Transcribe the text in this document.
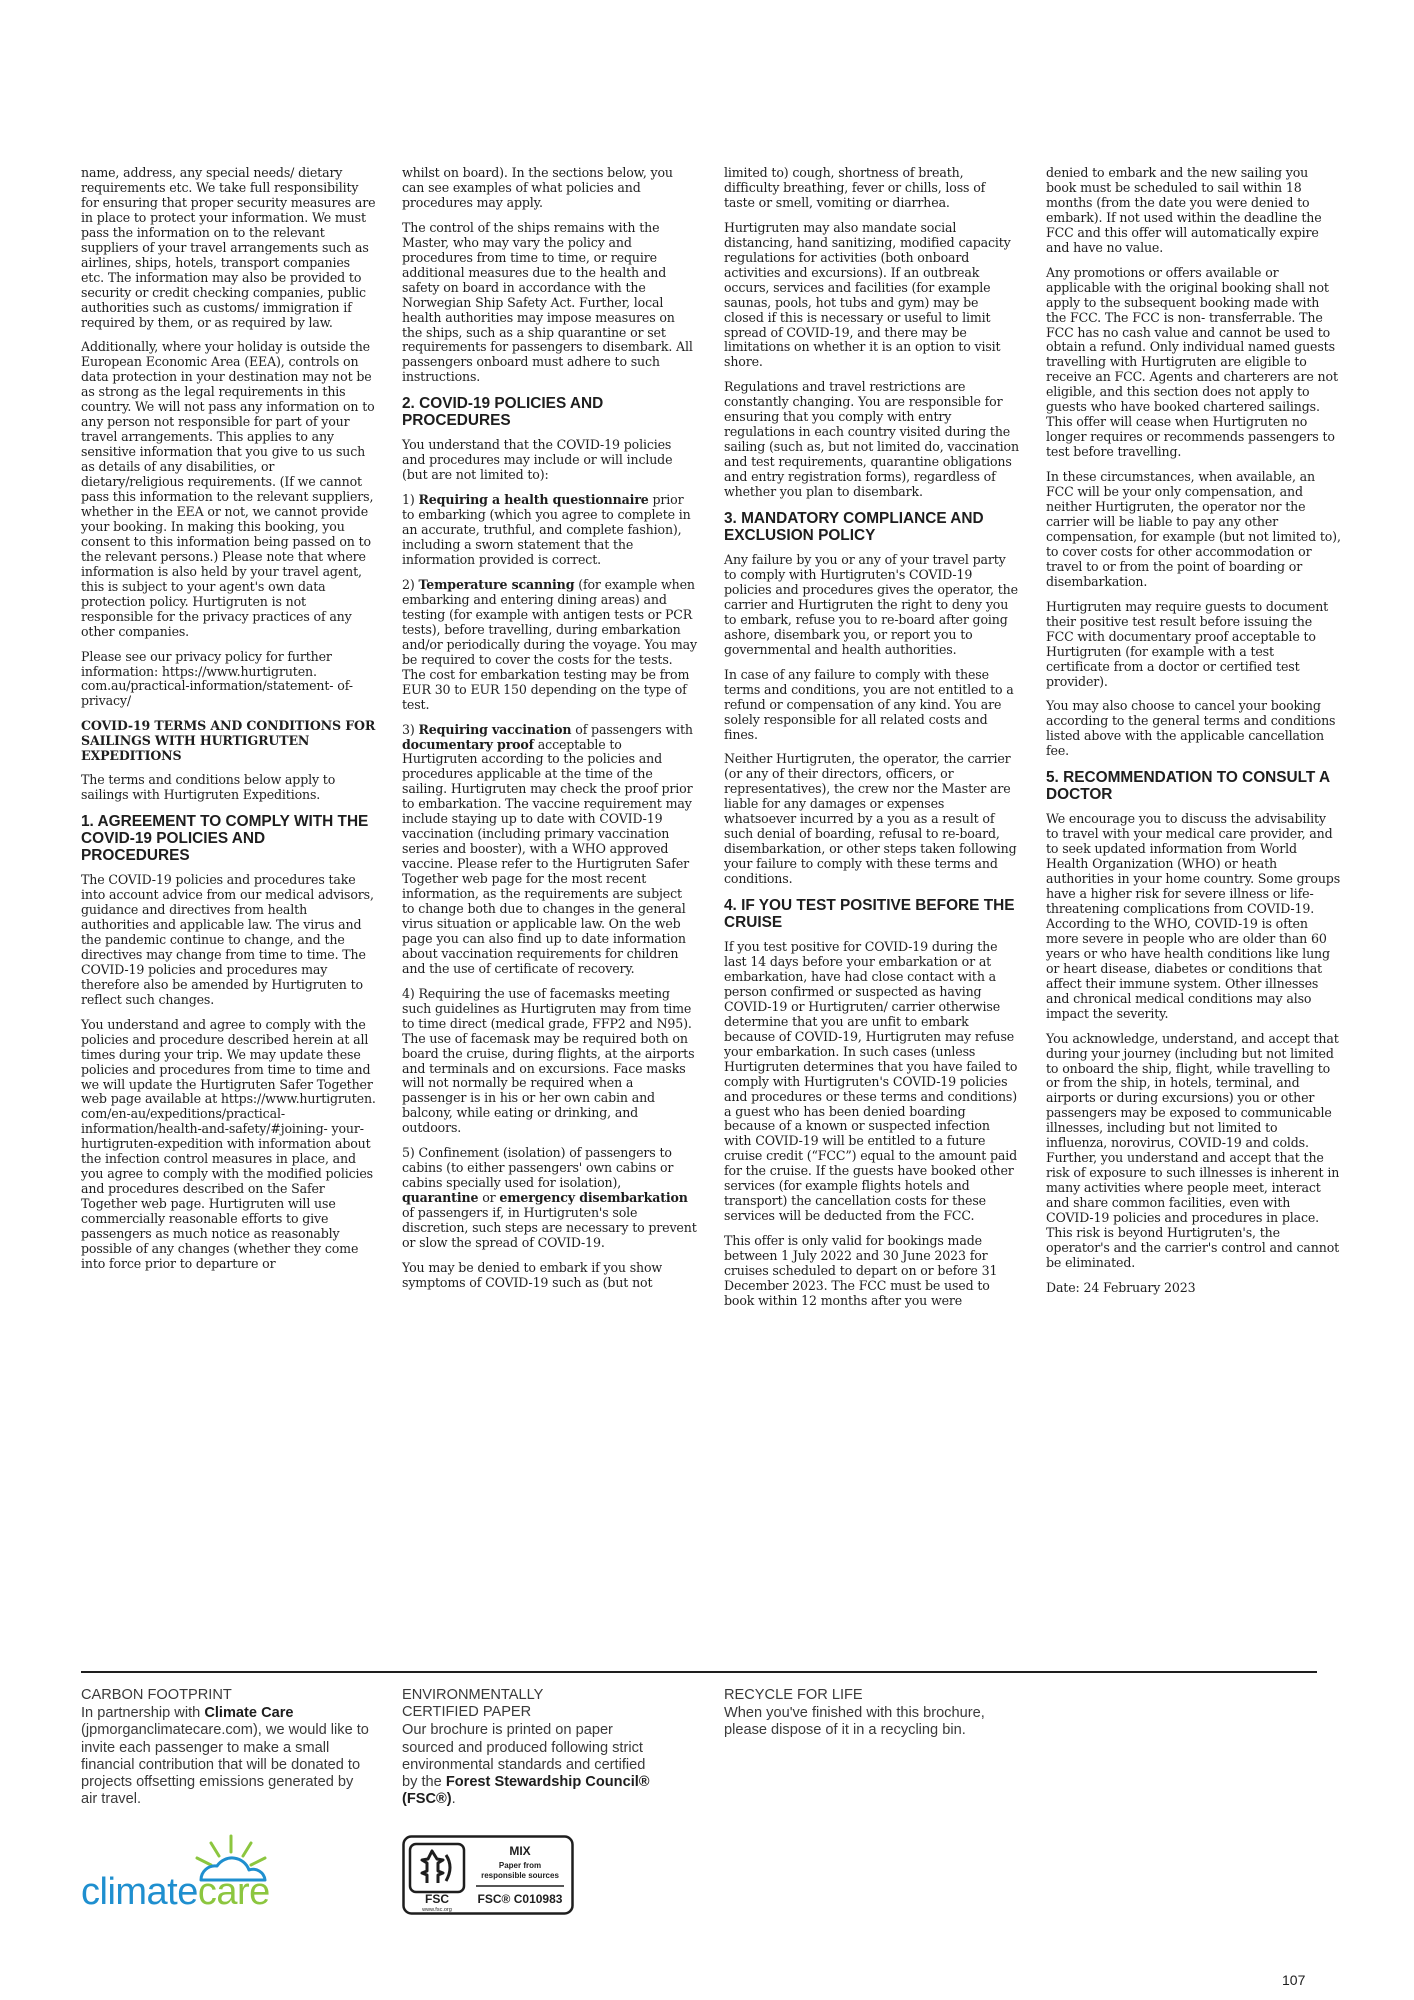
name, address, any special needs/ dietary requirements etc. We take full responsibility for ensuring that proper security measures are in place to protect your information. We must pass the information on to the relevant suppliers of your travel arrangements such as airlines, ships, hotels, transport companies etc. The information may also be provided to security or credit checking companies, public authorities such as customs/ immigration if required by them, or as required by law.

Additionally, where your holiday is outside the European Economic Area (EEA), controls on data protection in your destination may not be as strong as the legal requirements in this country. We will not pass any information on to any person not responsible for part of your travel arrangements. This applies to any sensitive information that you give to us such as details of any disabilities, or dietary/religious requirements. (If we cannot pass this information to the relevant suppliers, whether in the EEA or not, we cannot provide your booking. In making this booking, you consent to this information being passed on to the relevant persons.) Please note that where information is also held by your travel agent, this is subject to your agent's own data protection policy. Hurtigruten is not responsible for the privacy practices of any other companies.

Please see our privacy policy for further information: https://www.hurtigruten. com.au/practical-information/statement- of-privacy/

COVID-19 TERMS AND CONDITIONS FOR SAILINGS WITH HURTIGRUTEN EXPEDITIONS

The terms and conditions below apply to sailings with Hurtigruten Expeditions.

1. AGREEMENT TO COMPLY WITH THE COVID-19 POLICIES AND PROCEDURES

The COVID-19 policies and procedures take into account advice from our medical advisors, guidance and directives from health authorities and applicable law. The virus and the pandemic continue to change, and the directives may change from time to time. The COVID-19 policies and procedures may therefore also be amended by Hurtigruten to reflect such changes.

You understand and agree to comply with the policies and procedure described herein at all times during your trip. We may update these policies and procedures from time to time and we will update the Hurtigruten Safer Together web page available at https://www.hurtigruten. com/en-au/expeditions/practical- information/health-and-safety/#joining- your-hurtigruten-expedition with information about the infection control measures in place, and you agree to comply with the modified policies and procedures described on the Safer Together web page. Hurtigruten will use commercially reasonable efforts to give passengers as much notice as reasonably possible of any changes (whether they come into force prior to departure or

whilst on board). In the sections below, you can see examples of what policies and procedures may apply.

The control of the ships remains with the Master, who may vary the policy and procedures from time to time, or require additional measures due to the health and safety on board in accordance with the Norwegian Ship Safety Act. Further, local health authorities may impose measures on the ships, such as a ship quarantine or set requirements for passengers to disembark. All passengers onboard must adhere to such instructions.

2. COVID-19 POLICIES AND PROCEDURES

You understand that the COVID-19 policies and procedures may include or will include (but are not limited to):

1) Requiring a health questionnaire prior to embarking (which you agree to complete in an accurate, truthful, and complete fashion), including a sworn statement that the information provided is correct.

2) Temperature scanning (for example when embarking and entering dining areas) and testing (for example with antigen tests or PCR tests), before travelling, during embarkation and/or periodically during the voyage. You may be required to cover the costs for the tests. The cost for embarkation testing may be from EUR 30 to EUR 150 depending on the type of test.

3) Requiring vaccination of passengers with documentary proof acceptable to Hurtigruten according to the policies and procedures applicable at the time of the sailing. Hurtigruten may check the proof prior to embarkation. The vaccine requirement may include staying up to date with COVID-19 vaccination (including primary vaccination series and booster), with a WHO approved vaccine. Please refer to the Hurtigruten Safer Together web page for the most recent information, as the requirements are subject to change both due to changes in the general virus situation or applicable law. On the web page you can also find up to date information about vaccination requirements for children and the use of certificate of recovery.

4) Requiring the use of facemasks meeting such guidelines as Hurtigruten may from time to time direct (medical grade, FFP2 and N95). The use of facemask may be required both on board the cruise, during flights, at the airports and terminals and on excursions. Face masks will not normally be required when a passenger is in his or her own cabin and balcony, while eating or drinking, and outdoors.

5) Confinement (isolation) of passengers to cabins (to either passengers' own cabins or cabins specially used for isolation), quarantine or emergency disembarkation of passengers if, in Hurtigruten's sole discretion, such steps are necessary to prevent or slow the spread of COVID-19.

You may be denied to embark if you show symptoms of COVID-19 such as (but not

limited to) cough, shortness of breath, difficulty breathing, fever or chills, loss of taste or smell, vomiting or diarrhea.

Hurtigruten may also mandate social distancing, hand sanitizing, modified capacity regulations for activities (both onboard activities and excursions). If an outbreak occurs, services and facilities (for example saunas, pools, hot tubs and gym) may be closed if this is necessary or useful to limit spread of COVID-19, and there may be limitations on whether it is an option to visit shore.

Regulations and travel restrictions are constantly changing. You are responsible for ensuring that you comply with entry regulations in each country visited during the sailing (such as, but not limited do, vaccination and test requirements, quarantine obligations and entry registration forms), regardless of whether you plan to disembark.

3. MANDATORY COMPLIANCE AND EXCLUSION POLICY

Any failure by you or any of your travel party to comply with Hurtigruten's COVID-19 policies and procedures gives the operator, the carrier and Hurtigruten the right to deny you to embark, refuse you to re-board after going ashore, disembark you, or report you to governmental and health authorities.

In case of any failure to comply with these terms and conditions, you are not entitled to a refund or compensation of any kind. You are solely responsible for all related costs and fines.

Neither Hurtigruten, the operator, the carrier (or any of their directors, officers, or representatives), the crew nor the Master are liable for any damages or expenses whatsoever incurred by a you as a result of such denial of boarding, refusal to re-board, disembarkation, or other steps taken following your failure to comply with these terms and conditions.

4. IF YOU TEST POSITIVE BEFORE THE CRUISE

If you test positive for COVID-19 during the last 14 days before your embarkation or at embarkation, have had close contact with a person confirmed or suspected as having COVID-19 or Hurtigruten/ carrier otherwise determine that you are unfit to embark because of COVID-19, Hurtigruten may refuse your embarkation. In such cases (unless Hurtigruten determines that you have failed to comply with Hurtigruten's COVID-19 policies and procedures or these terms and conditions) a guest who has been denied boarding because of a known or suspected infection with COVID-19 will be entitled to a future cruise credit (“FCC”) equal to the amount paid for the cruise. If the guests have booked other services (for example flights hotels and transport) the cancellation costs for these services will be deducted from the FCC.

This offer is only valid for bookings made between 1 July 2022 and 30 June 2023 for cruises scheduled to depart on or before 31 December 2023. The FCC must be used to book within 12 months after you were

denied to embark and the new sailing you book must be scheduled to sail within 18 months (from the date you were denied to embark). If not used within the deadline the FCC and this offer will automatically expire and have no value.

Any promotions or offers available or applicable with the original booking shall not apply to the subsequent booking made with the FCC. The FCC is non- transferrable. The FCC has no cash value and cannot be used to obtain a refund. Only individual named guests travelling with Hurtigruten are eligible to receive an FCC. Agents and charterers are not eligible, and this section does not apply to guests who have booked chartered sailings. This offer will cease when Hurtigruten no longer requires or recommends passengers to test before travelling.

In these circumstances, when available, an FCC will be your only compensation, and neither Hurtigruten, the operator nor the carrier will be liable to pay any other compensation, for example (but not limited to), to cover costs for other accommodation or travel to or from the point of boarding or disembarkation.

Hurtigruten may require guests to document their positive test result before issuing the FCC with documentary proof acceptable to Hurtigruten (for example with a test certificate from a doctor or certified test provider).

You may also choose to cancel your booking according to the general terms and conditions listed above with the applicable cancellation fee.

5. RECOMMENDATION TO CONSULT A DOCTOR

We encourage you to discuss the advisability to travel with your medical care provider, and to seek updated information from World Health Organization (WHO) or heath authorities in your home country. Some groups have a higher risk for severe illness or life-threatening complications from COVID-19. According to the WHO, COVID-19 is often more severe in people who are older than 60 years or who have health conditions like lung or heart disease, diabetes or conditions that affect their immune system. Other illnesses and chronical medical conditions may also impact the severity.

You acknowledge, understand, and accept that during your journey (including but not limited to onboard the ship, flight, while travelling to or from the ship, in hotels, terminal, and airports or during excursions) you or other passengers may be exposed to communicable illnesses, including but not limited to influenza, norovirus, COVID-19 and colds. Further, you understand and accept that the risk of exposure to such illnesses is inherent in many activities where people meet, interact and share common facilities, even with COVID-19 policies and procedures in place. This risk is beyond Hurtigruten's, the operator's and the carrier's control and cannot be eliminated.

Date: 24 February 2023

CARBON FOOTPRINT

In partnership with Climate Care (jpmorganclimatecare.com), we would like to invite each passenger to make a small financial contribution that will be donated to projects offsetting emissions generated by air travel.

ENVIRONMENTALLY CERTIFIED PAPER

Our brochure is printed on paper sourced and produced following strict environmental standards and certified by the Forest Stewardship Council® (FSC®).

RECYCLE FOR LIFE

When you've finished with this brochure, please dispose of it in a recycling bin.

climatecare	FSC
www.fsc.org
MIX
Paper from
responsible sources
FSC® C010983
107
